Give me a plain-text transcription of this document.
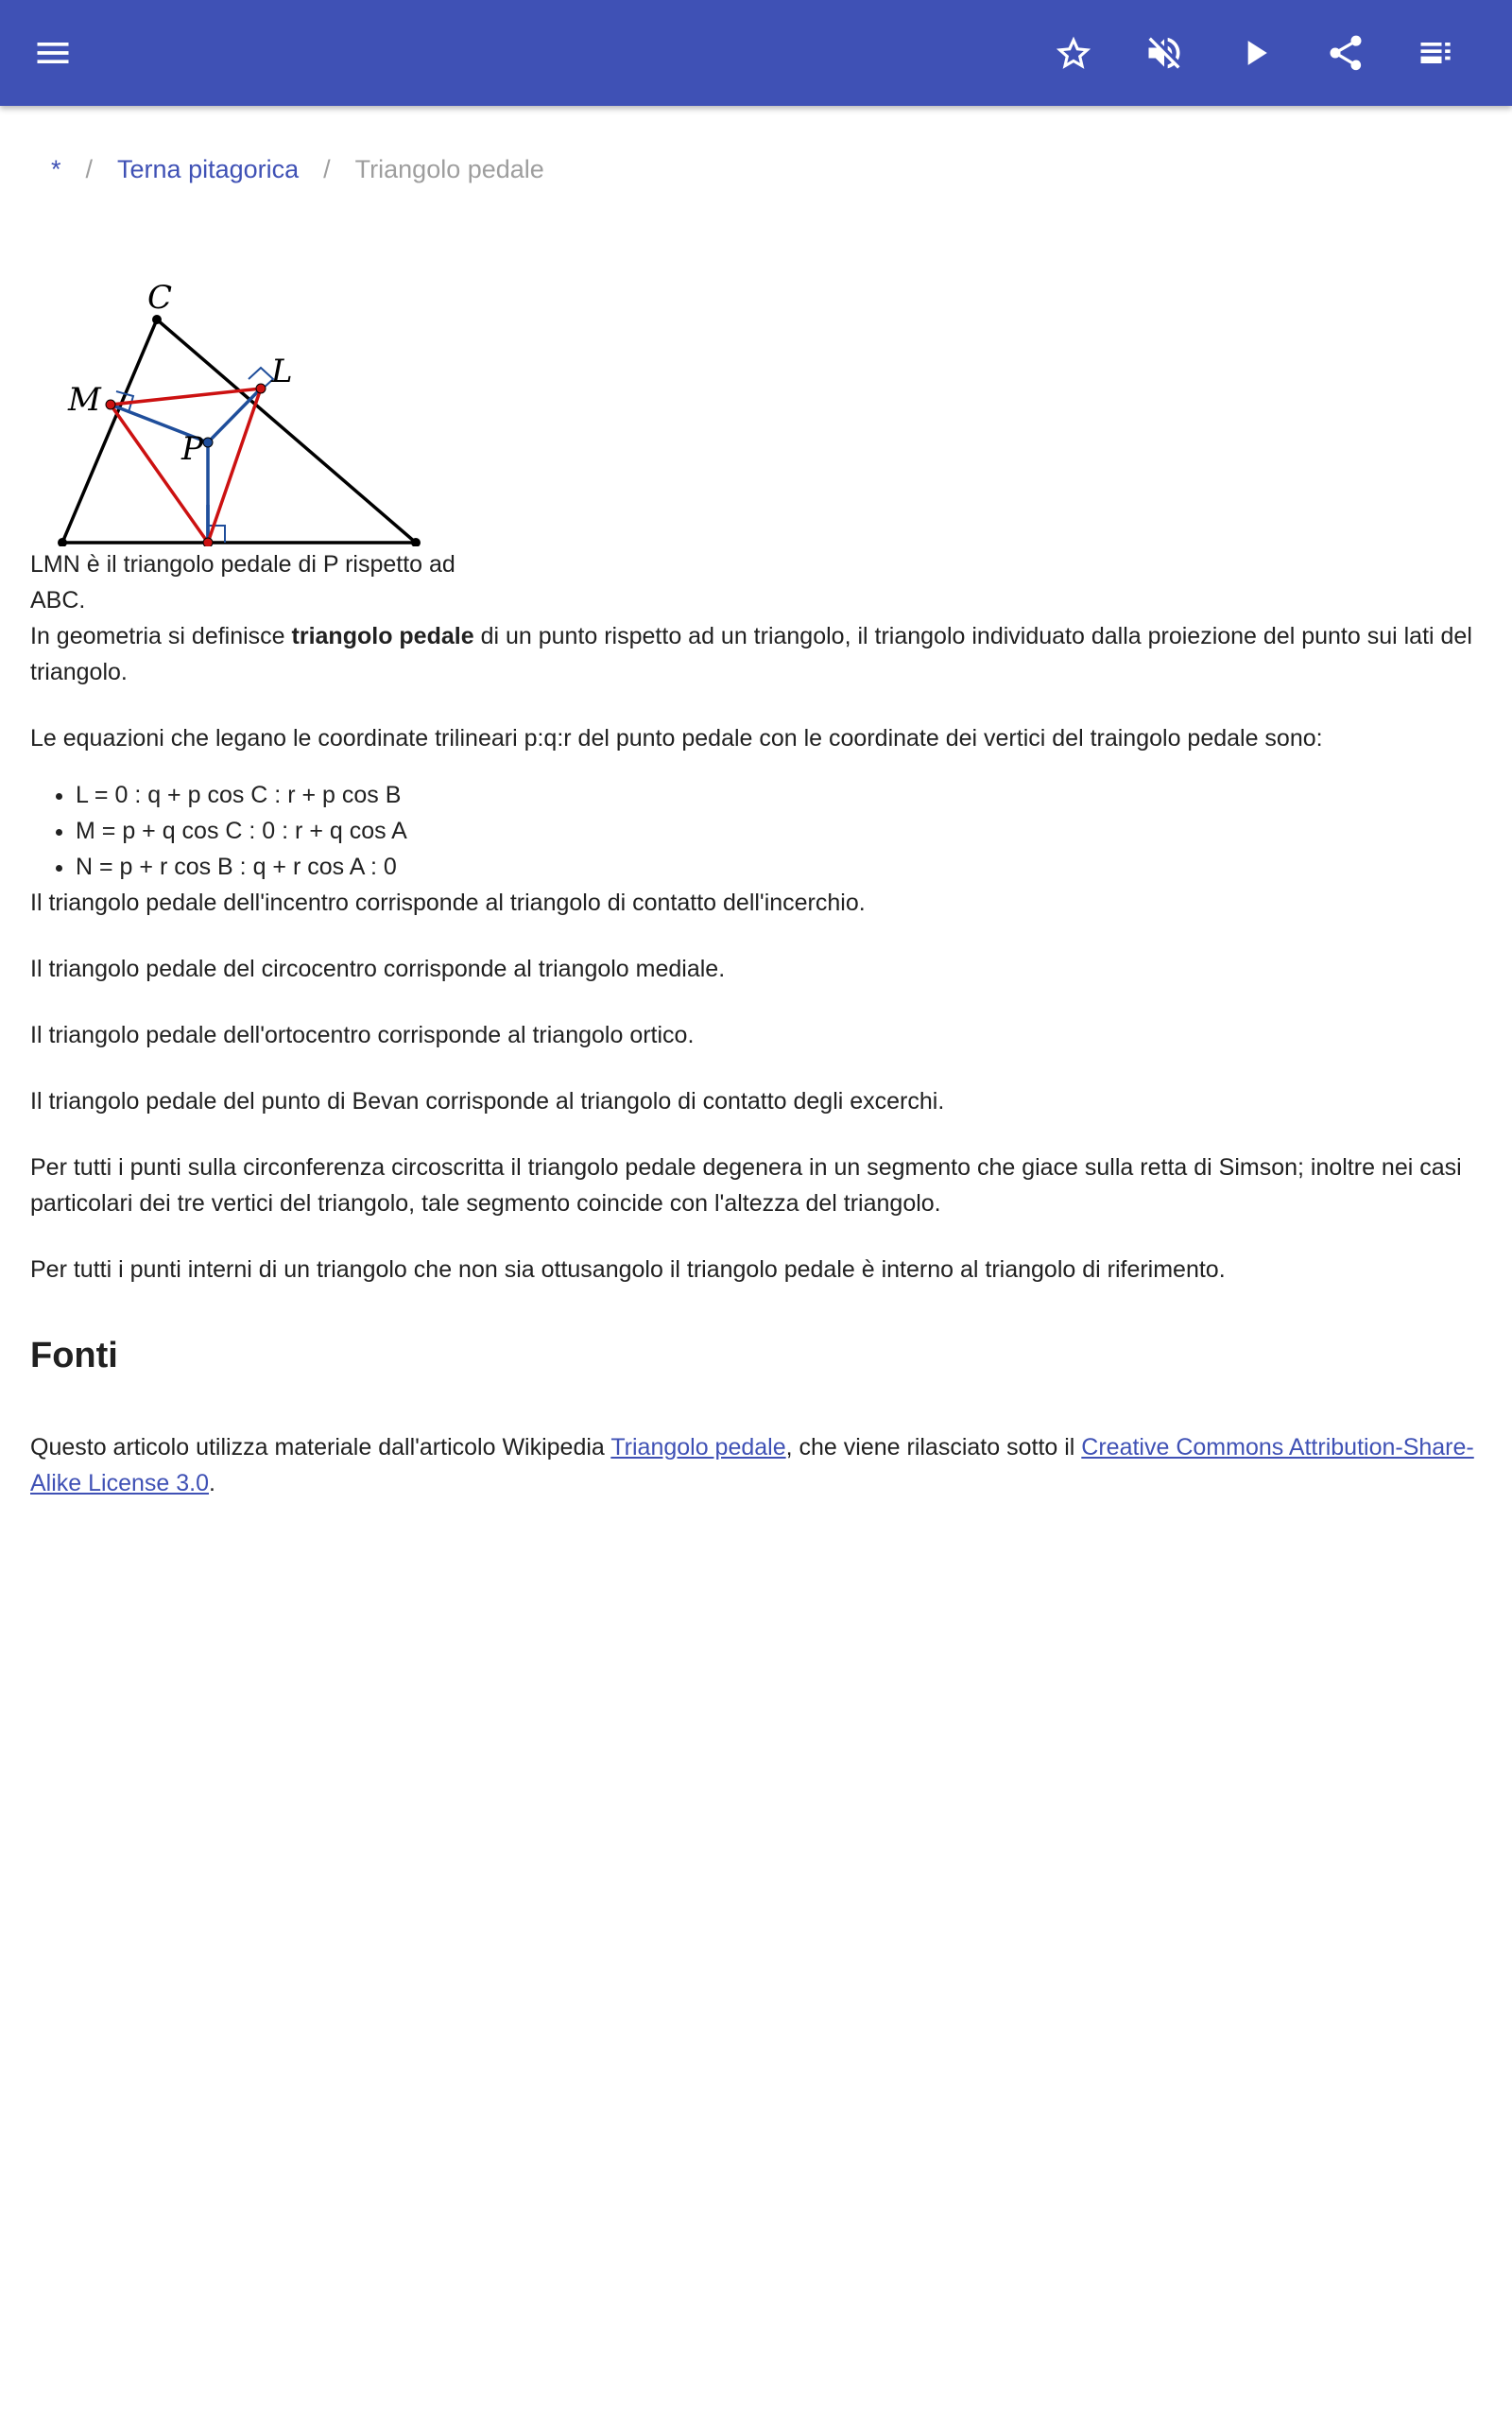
* / Terna pitagorica / Triangolo pedale
C
L
M
P
LMN è il triangolo pedale di P rispetto ad ABC.

In geometria si definisce triangolo pedale di un punto rispetto ad un triangolo, il triangolo individuato dalla proiezione del punto sui lati del triangolo.

Le equazioni che legano le coordinate trilineari p:q:r del punto pedale con le coordinate dei vertici del traingolo pedale sono:

• L = 0 : q + p cos C : r + p cos B
• M = p + q cos C : 0 : r + q cos A
• N = p + r cos B : q + r cos A : 0

Il triangolo pedale dell'incentro corrisponde al triangolo di contatto dell'incerchio.

Il triangolo pedale del circocentro corrisponde al triangolo mediale.

Il triangolo pedale dell'ortocentro corrisponde al triangolo ortico.

Il triangolo pedale del punto di Bevan corrisponde al triangolo di contatto degli excerchi.

Per tutti i punti sulla circonferenza circoscritta il triangolo pedale degenera in un segmento che giace sulla retta di Simson; inoltre nei casi particolari dei tre vertici del triangolo, tale segmento coincide con l'altezza del triangolo.

Per tutti i punti interni di un triangolo che non sia ottusangolo il triangolo pedale è interno al triangolo di riferimento.

Fonti

Questo articolo utilizza materiale dall'articolo Wikipedia Triangolo pedale, che viene rilasciato sotto il Creative Commons Attribution-Share-Alike License 3.0.
